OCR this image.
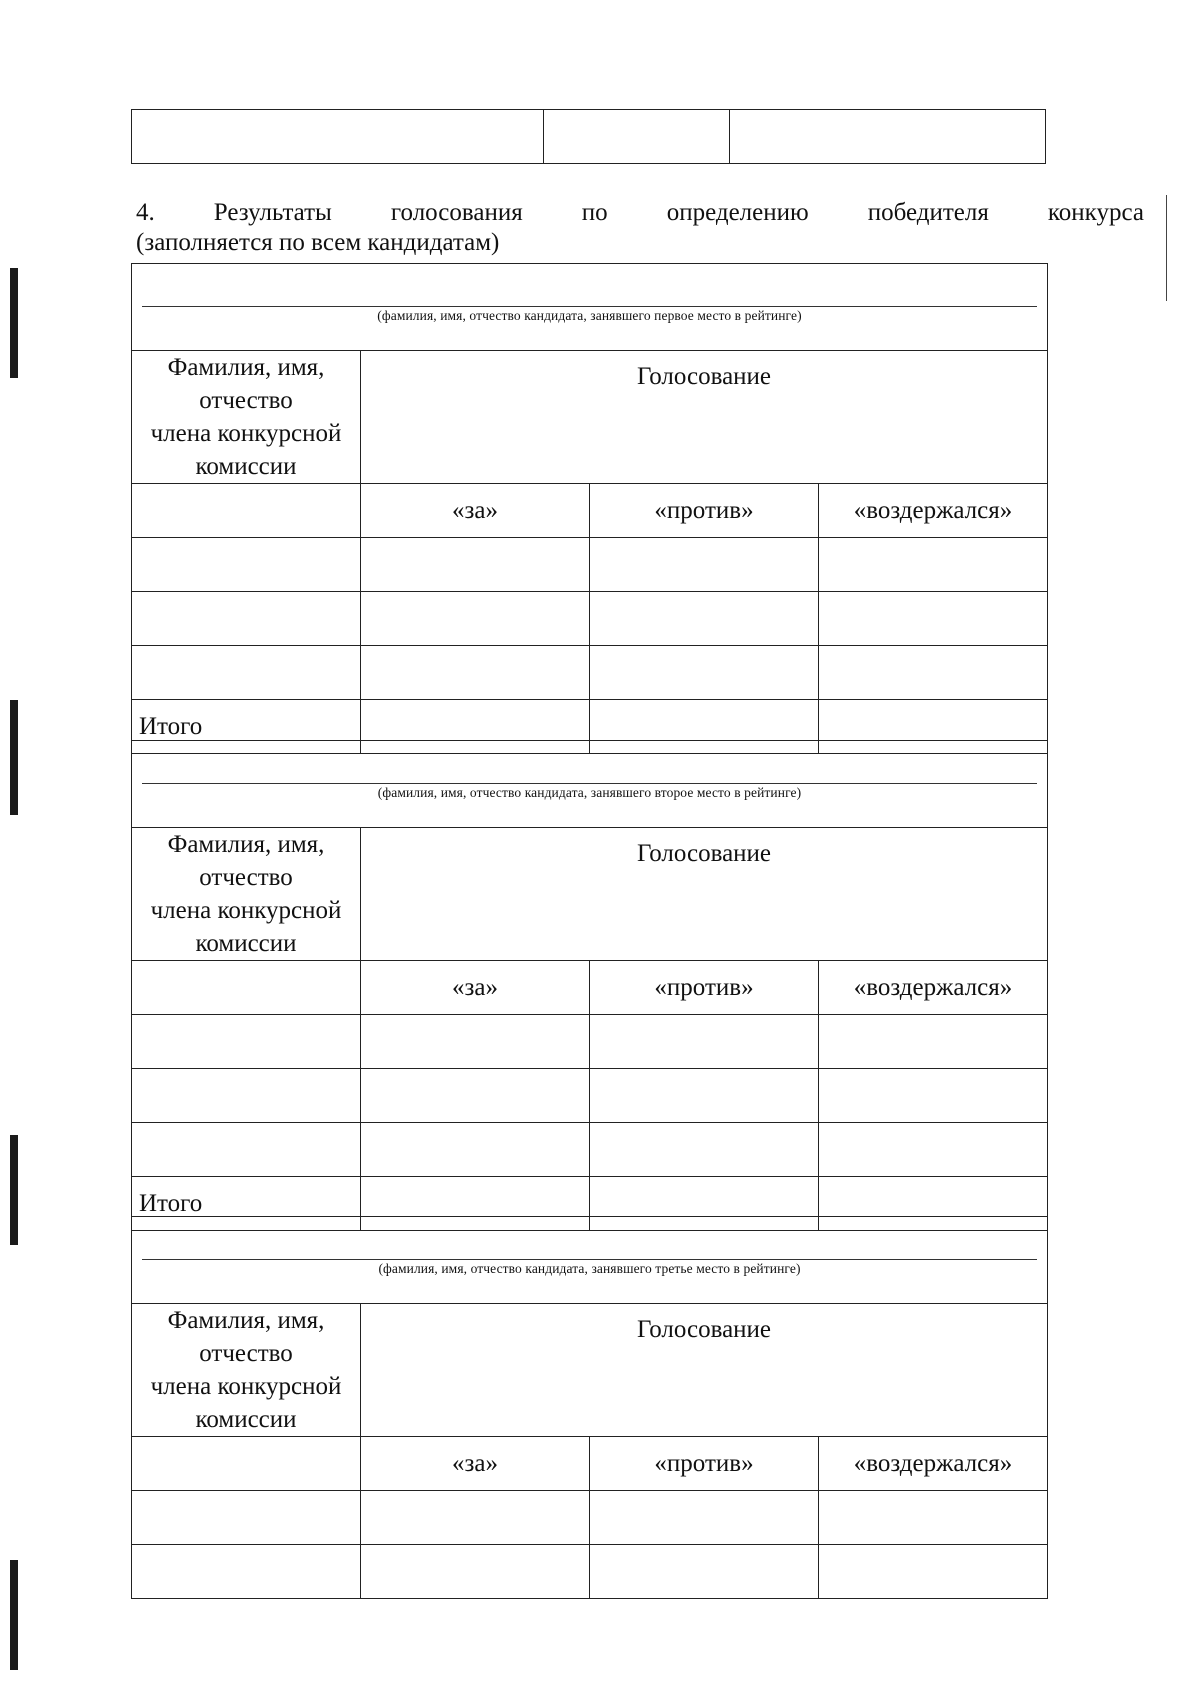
4. Результаты голосования по определению победителя конкурса
(заполняется по всем кандидатам)
(фамилия, имя, отчество кандидата, занявшего первое место в рейтинге)			

Фамилия, имя, отчество
члена конкурсной комиссии	Голосование		
	«за»	«против»	«воздержался»

Итого			
(фамилия, имя, отчество кандидата, занявшего второе место в рейтинге)			

Фамилия, имя, отчество
члена конкурсной комиссии	Голосование		
	«за»	«против»	«воздержался»

Итого			
(фамилия, имя, отчество кандидата, занявшего третье место в рейтинге)			

Фамилия, имя, отчество
члена конкурсной комиссии	Голосование		
	«за»	«против»	«воздержался»
